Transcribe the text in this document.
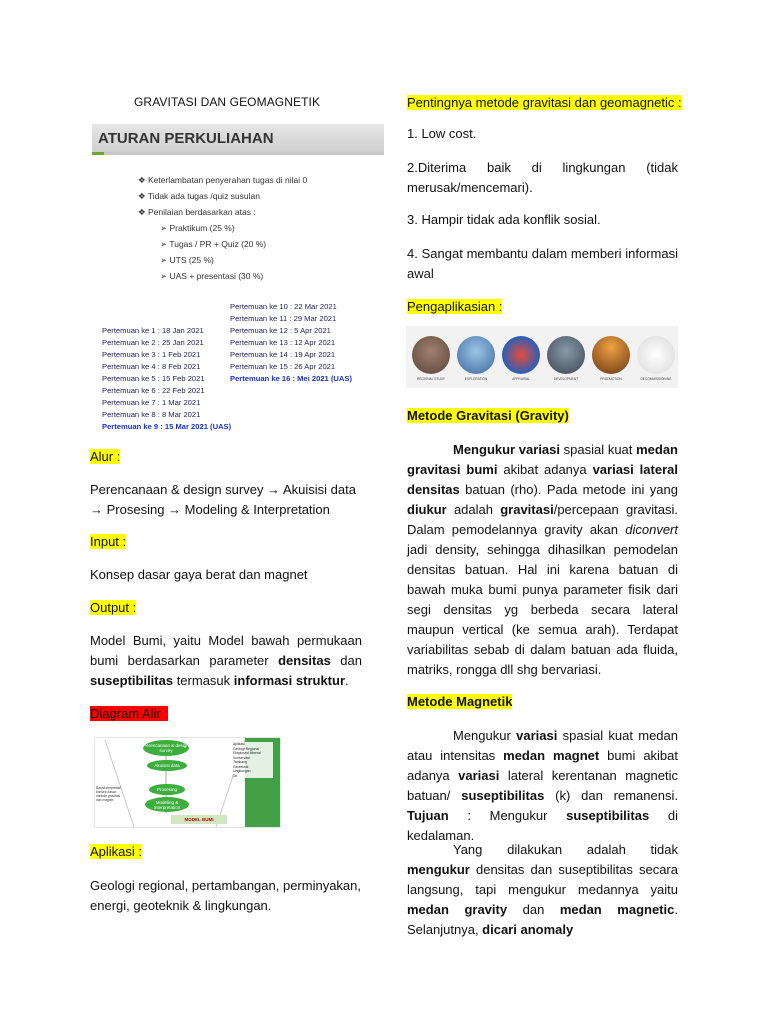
GRAVITASI DAN GEOMAGNETIK
ATURAN PERKULIAHAN
❖ Keterlambatan penyerahan tugas di nilai 0
❖ Tidak ada tugas /quiz susulan
❖ Penilaian berdasarkan atas :
➢ Praktikum (25 %)
➢ Tugas / PR + Quiz (20 %)
➢ UTS (25 %)
➢ UAS + presentasi (30 %)
Pertemuan ke 10 : 22 Mar 2021
Pertemuan ke 11 : 29 Mar 2021
Pertemuan ke 12 : 5 Apr 2021
Pertemuan ke 13 : 12 Apr 2021
Pertemuan ke 14 : 19 Apr 2021
Pertemuan ke 15 : 26 Apr 2021
Pertemuan ke 16 : Mei 2021 (UAS)
Pertemuan ke 1 : 18 Jan 2021
Pertemuan ke 2 : 25 Jan 2021
Pertemuan ke 3 : 1 Feb 2021
Pertemuan ke 4 : 8 Feb 2021
Pertemuan ke 5 : 15 Feb 2021
Pertemuan ke 6 : 22 Feb 2021
Pertemuan ke 7 : 1 Mar 2021
Pertemuan ke 8 : 8 Mar 2021
Pertemuan ke 9 : 15 Mar 2021 (UAS)
Alur :
Perencanaan & design survey → Akuisisi data → Prosesing → Modeling & Interpretation
Input :
Konsep dasar gaya berat dan magnet
Output :
Model Bumi, yaitu Model bawah permukaan bumi berdasarkan parameter densitas dan suseptibilitas termasuk informasi struktur.
Diagram Alir :
Perencanaan & design survey
Akuisisi data
Prosesing
Modeling & Interpretation
MODEL BUMI
Baca/Interpretasi konsep dasar: metode gravitasi dan magnet
Aplikasi
Geologi Regional
Eksplorasi Mineral
Konservasi
Tambang
Geoteknik
Lingkungan
Dll
Aplikasi :
Geologi regional, pertambangan, perminyakan, energi, geoteknik & lingkungan.
Pentingnya metode gravitasi dan geomagnetic :
1. Low cost.
2.Diterima baik di lingkungan (tidak merusak/mencemari).
3. Hampir tidak ada konflik sosial.
4. Sangat membantu dalam memberi informasi awal
Pengaplikasian :
REGIONAL STUDY	EXPLORATION	APPRAISAL	DEVELOPMENT	PRODUCTION	DECOMMISSIONING
Metode Gravitasi (Gravity)
Mengukur variasi spasial kuat medan gravitasi bumi akibat adanya variasi lateral densitas batuan (rho). Pada metode ini yang diukur adalah gravitasi/percepaan gravitasi. Dalam pemodelannya gravity akan diconvert jadi density, sehingga dihasilkan pemodelan densitas batuan. Hal ini karena batuan di bawah muka bumi punya parameter fisik dari segi densitas yg berbeda secara lateral maupun vertical (ke semua arah). Terdapat variabilitas sebab di dalam batuan ada fluida, matriks, rongga dll shg bervariasi.
Metode Magnetik
Mengukur variasi spasial kuat medan atau intensitas medan magnet bumi akibat adanya variasi lateral kerentanan magnetic batuan/ suseptibilitas (k) dan remanensi. Tujuan : Mengukur suseptibilitas di kedalaman.
Yang dilakukan adalah tidak mengukur densitas dan suseptibilitas secara langsung, tapi mengukur medannya yaitu medan gravity dan medan magnetic. Selanjutnya, dicari anomaly
